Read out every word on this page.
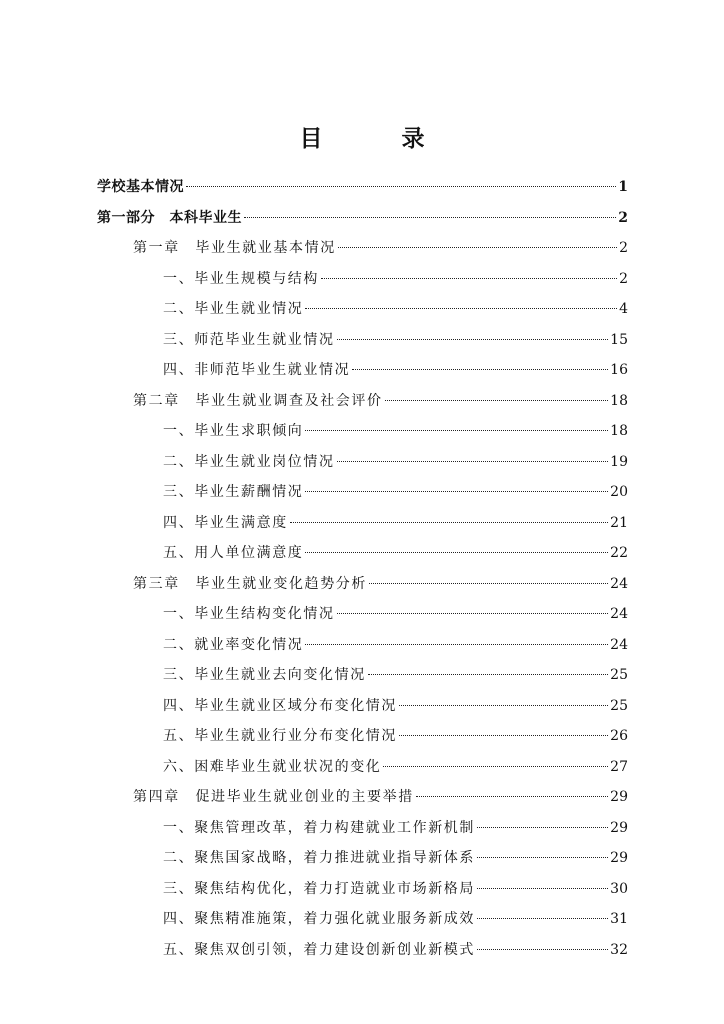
目　录
学校基本情况	1
第一部分　本科毕业生	2
第一章　毕业生就业基本情况	2
一、毕业生规模与结构	2
二、毕业生就业情况	4
三、师范毕业生就业情况	15
四、非师范毕业生就业情况	16
第二章　毕业生就业调查及社会评价	18
一、毕业生求职倾向	18
二、毕业生就业岗位情况	19
三、毕业生薪酬情况	20
四、毕业生满意度	21
五、用人单位满意度	22
第三章　毕业生就业变化趋势分析	24
一、毕业生结构变化情况	24
二、就业率变化情况	24
三、毕业生就业去向变化情况	25
四、毕业生就业区域分布变化情况	25
五、毕业生就业行业分布变化情况	26
六、困难毕业生就业状况的变化	27
第四章　促进毕业生就业创业的主要举措	29
一、聚焦管理改革，着力构建就业工作新机制	29
二、聚焦国家战略，着力推进就业指导新体系	29
三、聚焦结构优化，着力打造就业市场新格局	30
四、聚焦精准施策，着力强化就业服务新成效	31
五、聚焦双创引领，着力建设创新创业新模式	32
